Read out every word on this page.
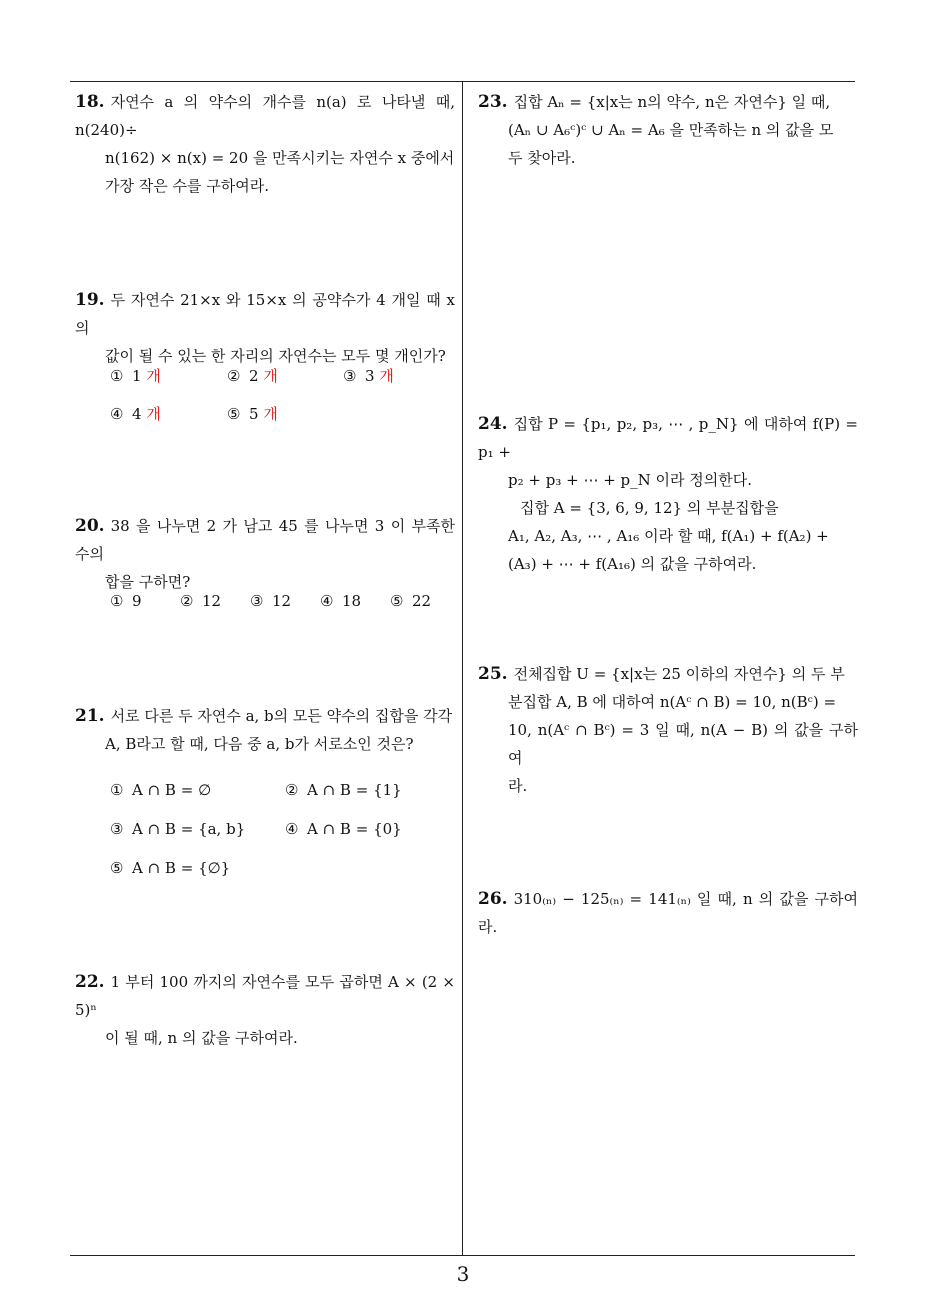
18. 자연수 a 의 약수의 개수를 n(a) 로 나타낼 때, n(240)÷
n(162) × n(x) = 20 을 만족시키는 자연수 x 중에서
가장 작은 수를 구하여라.
19. 두 자연수 21×x 와 15×x 의 공약수가 4 개일 때 x 의
값이 될 수 있는 한 자리의 자연수는 모두 몇 개인가?
① 1 개	② 2 개	③ 3 개
④ 4 개	⑤ 5 개
20. 38 을 나누면 2 가 남고 45 를 나누면 3 이 부족한 수의
합을 구하면?
① 9	② 12 ③ 12 ④ 18 ⑤ 22
21. 서로 다른 두 자연수 a, b의 모든 약수의 집합을 각각
A, B라고 할 때, 다음 중 a, b가 서로소인 것은?
① A ∩ B = ∅	② A ∩ B = {1}
③ A ∩ B = {a, b}	④ A ∩ B = {0}
⑤ A ∩ B = {∅}
22. 1 부터 100 까지의 자연수를 모두 곱하면 A × (2 × 5)ⁿ
이 될 때, n 의 값을 구하여라.
23. 집합 Aₙ = {x|x는 n의 약수, n은 자연수} 일 때,
(Aₙ ∪ A₆ᶜ)ᶜ ∪ Aₙ = A₆ 을 만족하는 n 의 값을 모
두 찾아라.
24. 집합 P = {p₁, p₂, p₃, ⋯ , p_N} 에 대하여 f(P) = p₁ +
p₂ + p₃ + ⋯ + p_N 이라 정의한다.
집합 A = {3, 6, 9, 12} 의 부분집합을
A₁, A₂, A₃, ⋯ , A₁₆ 이라 할 때, f(A₁) + f(A₂) +
(A₃) + ⋯ + f(A₁₆) 의 값을 구하여라.
25. 전체집합 U = {x|x는 25 이하의 자연수} 의 두 부
분집합 A, B 에 대하여 n(Aᶜ ∩ B) = 10, n(Bᶜ) =
10, n(Aᶜ ∩ Bᶜ) = 3 일 때, n(A − B) 의 값을 구하여
라.
26. 310₍ₙ₎ − 125₍ₙ₎ = 141₍ₙ₎ 일 때, n 의 값을 구하여라.
3
